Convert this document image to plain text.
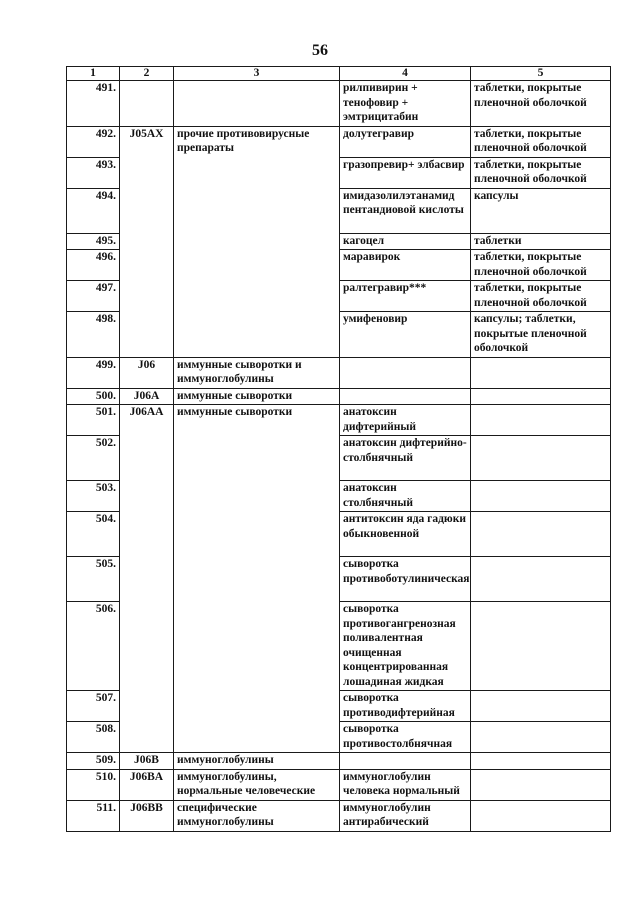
56
1	2	3	4	5
491.			рилпивирин + тенофовир + эмтрицитабин	таблетки, покрытые пленочной оболочкой
492.	J05AX	прочие противовирусные препараты	долутегравир	таблетки, покрытые пленочной оболочкой
493.			гразопревир+ элбасвир	таблетки, покрытые пленочной оболочкой
494.			имидазолилэтанамид пентандиовой кислоты	капсулы
495.			кагоцел	таблетки
496.			маравирок	таблетки, покрытые пленочной оболочкой
497.			ралтегравир***	таблетки, покрытые пленочной оболочкой
498.			умифеновир	капсулы; таблетки, покрытые пленочной оболочкой
499.	J06	иммунные сыворотки и иммуноглобулины		
500.	J06A	иммунные сыворотки		
501.	J06AA	иммунные сыворотки	анатоксин дифтерийный	
502.			анатоксин дифтерийно-столбнячный	
503.			анатоксин столбнячный	
504.			антитоксин яда гадюки обыкновенной	
505.			сыворотка противоботулиническая	
506.			сыворотка противогангренозная поливалентная очищенная концентрированная лошадиная жидкая	
507.			сыворотка противодифтерийная	
508.			сыворотка противостолбнячная	
509.	J06B	иммуноглобулины		
510.	J06BA	иммуноглобулины, нормальные человеческие	иммуноглобулин человека нормальный	
511.	J06BB	специфические иммуноглобулины	иммуноглобулин антирабический	
